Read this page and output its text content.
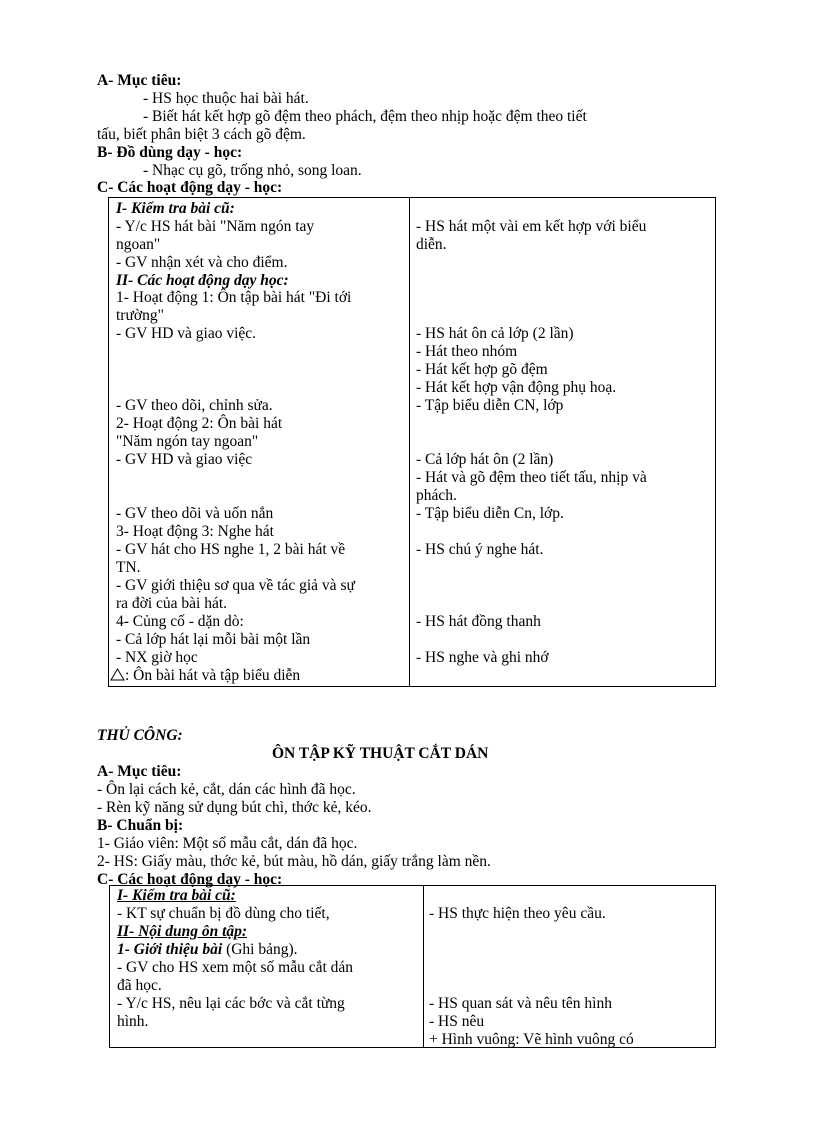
A- Mục tiêu:
- HS học thuộc hai bài hát.
- Biết hát kết hợp gõ đệm theo phách, đệm theo nhịp hoặc đệm theo tiết
tấu, biết phân biệt 3 cách gõ đệm.
B- Đồ dùng dạy - học:
- Nhạc cụ gõ, trống nhỏ, song loan.
C- Các hoạt động dạy - học:
I- Kiểm tra bài cũ:
- Y/c HS hát bài "Năm ngón tay
ngoan"
- GV nhận xét và cho điểm.
II- Các hoạt động dạy học:
1- Hoạt động 1: Ôn tập bài hát "Đi tới
trường"
- GV HD và giao việc.
- GV theo dõi, chỉnh sửa.
2- Hoạt động 2: Ôn bài hát
"Năm ngón tay ngoan"
- GV HD và giao việc
- GV theo dõi và uốn nắn
3- Hoạt động 3: Nghe hát
- GV hát cho HS nghe 1, 2 bài hát về
TN.
- GV giới thiệu sơ qua về tác giả và sự
ra đời của bài hát.
4- Củng cố - dặn dò:
- Cả lớp hát lại mỗi bài một lần
- NX giờ học
: Ôn bài hát và tập biểu diễn
- HS hát một vài em kết hợp với biểu
diễn.
- HS hát ôn cả lớp (2 lần)
- Hát theo nhóm
- Hát kết hợp gõ đệm
- Hát kết hợp vận động phụ hoạ.
- Tập biểu diễn CN, lớp
- Cả lớp hát ôn (2 lần)
- Hát và gõ đệm theo tiết tấu, nhịp và
phách.
- Tập biểu diễn Cn, lớp.
- HS chú ý nghe hát.
- HS hát đồng thanh
- HS nghe và ghi nhớ
THỦ CÔNG:
ÔN TẬP KỸ THUẬT CẮT DÁN
A- Mục tiêu:
- Ôn lại cách kẻ, cắt, dán các hình đã học.
- Rèn kỹ năng sử dụng bút chì, thớc kẻ, kéo.
B- Chuẩn bị:
1- Giáo viên: Một số mẫu cắt, dán đã học.
2- HS: Giấy màu, thớc kẻ, bút màu, hồ dán, giấy trắng làm nền.
C- Các hoạt động dạy - học:
I- Kiểm tra bài cũ:
- KT sự chuẩn bị đồ dùng cho tiết,
II- Nội dung ôn tập:
1- Giới thiệu bài (Ghi bảng).
- GV cho HS xem một số mẫu cắt dán
đã học.
- Y/c HS, nêu lại các bớc và cắt từng
hình.
- HS thực hiện theo yêu cầu.
- HS quan sát và nêu tên hình
- HS nêu
+ Hình vuông: Vẽ hình vuông có
